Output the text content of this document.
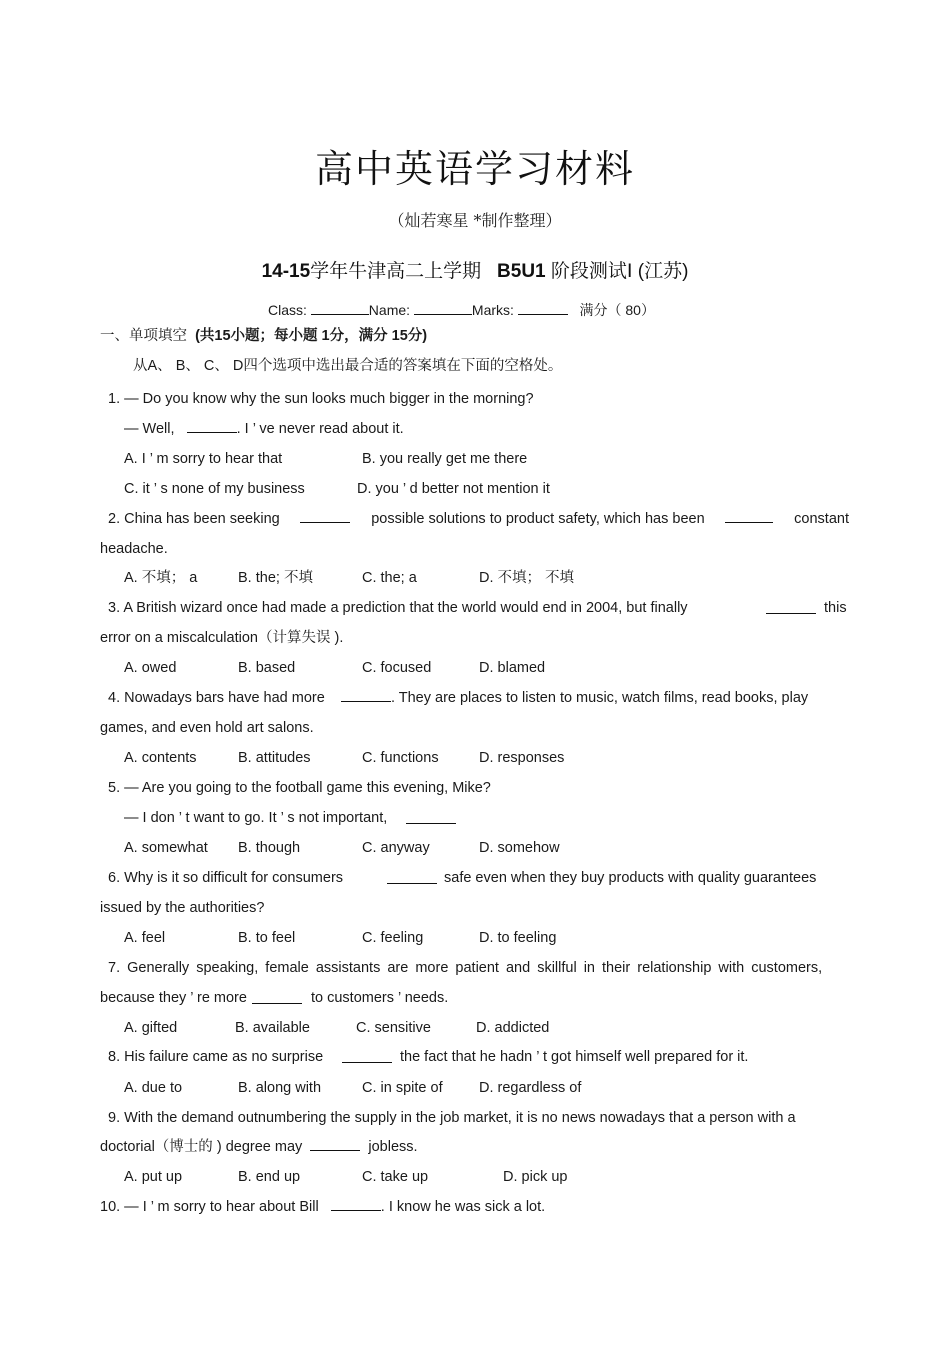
高中英语学习材料
（灿若寒星 *制作整理）
14-15学年牛津高二上学期 B5U1 阶段测试Ⅰ (江苏)
Class:	Name:	Marks:	满分（ 80）
一、单项填空 (共15小题；每小题 1分，满分 15分)
从A、 B、 C、 D四个选项中选出最合适的答案填在下面的空格处。
1. — Do you know why the sun looks much bigger in the morning?
— Well,	. I ’ ve never read about it.
A. I ’ m sorry to hear that	B. you really get me there
C. it ’ s none of my business	D. you ’ d better not mention it
2. China has been seeking	possible solutions to product safety, which has been	constant
headache.
A. 不填； a	B. the; 不填	C. the; a	D. 不填； 不填
3. A British wizard once had made a prediction that the world would end in 2004, but finally	this
error on a miscalculation（计算失误 ).
A. owed	B. based	C. focused	D. blamed
4. Nowadays bars have had more	. They are places to listen to music, watch films, read books, play
games, and even hold art salons.
A. contents	B. attitudes	C. functions	D. responses
5. — Are you going to the football game this evening, Mike?
— I don ’ t want to go. It ’ s not important,
A. somewhat B. though	C. anyway	D. somehow
6. Why is it so difficult for consumers	safe even when they buy products with quality guarantees
issued by the authorities?
A. feel	B. to feel	C. feeling	D. to feeling
7. Generally speaking, female assistants are more patient and skillful in their relationship with customers,
because they ’ re more	to customers ’ needs.
A. gifted	B. available	C. sensitive	D. addicted
8. His failure came as no surprise	the fact that he hadn ’ t got himself well prepared for it.
A. due to	B. along with	C. in spite of	D. regardless of
9. With the demand outnumbering the supply in the job market, it is no news nowadays that a person with a
doctorial（博士的 ) degree may	jobless.
A. put up	B. end up	C. take up	D. pick up
10. — I ’ m sorry to hear about Bill	. I know he was sick a lot.
